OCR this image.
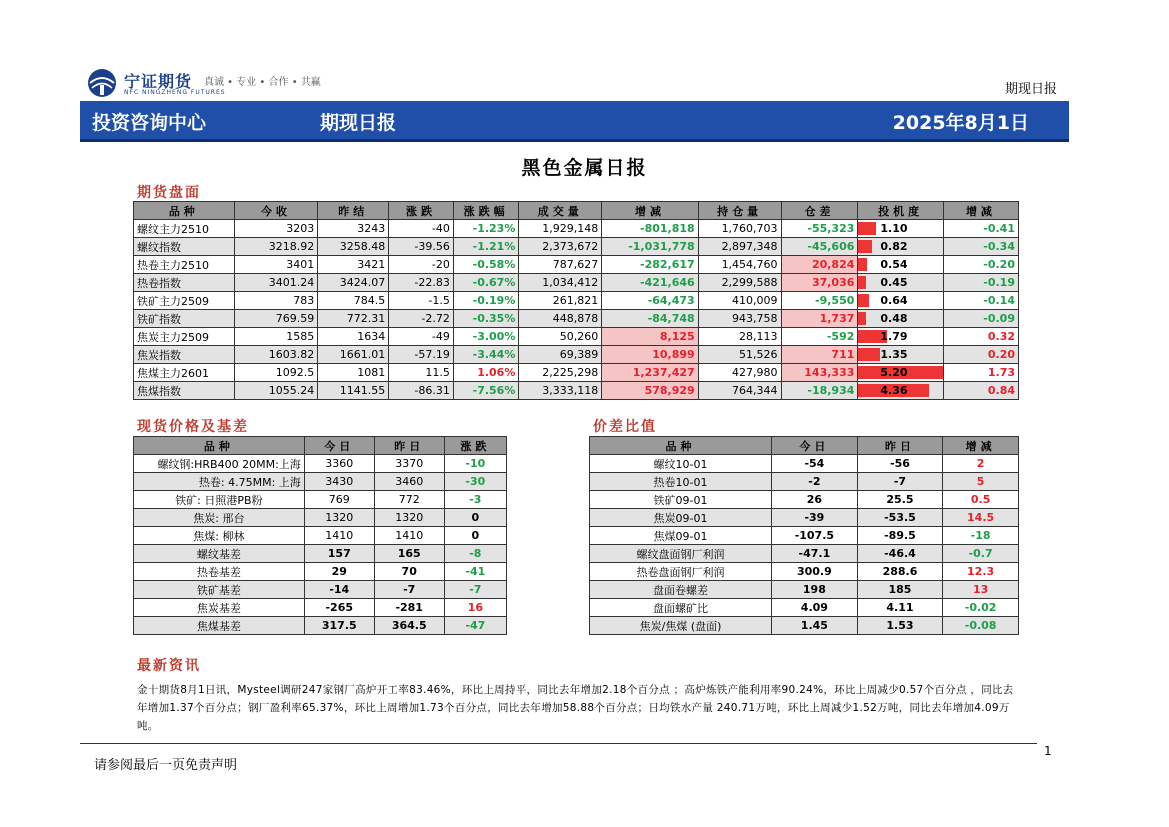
宁证期货 真诚 • 专业 • 合作 • 共赢
NFC NINGZHENG FUTURES	期现日报
投资咨询中心	期现日报	2025年8月1日
黑色金属日报
期货盘面
品种	今收	昨结	涨跌	涨跌幅	成交量	增减	持仓量	仓差	投机度	增减
螺纹主力2510	3203	3243	-40	-1.23%	1,929,148	-801,818	1,760,703	-55,323	1.10	-0.41
螺纹指数	3218.92	3258.48	-39.56	-1.21%	2,373,672	-1,031,778	2,897,348	-45,606	0.82	-0.34
热卷主力2510	3401	3421	-20	-0.58%	787,627	-282,617	1,454,760	20,824	0.54	-0.20
热卷指数	3401.24	3424.07	-22.83	-0.67%	1,034,412	-421,646	2,299,588	37,036	0.45	-0.19
铁矿主力2509	783	784.5	-1.5	-0.19%	261,821	-64,473	410,009	-9,550	0.64	-0.14
铁矿指数	769.59	772.31	-2.72	-0.35%	448,878	-84,748	943,758	1,737	0.48	-0.09
焦炭主力2509	1585	1634	-49	-3.00%	50,260	8,125	28,113	-592	1.79	0.32
焦炭指数	1603.82	1661.01	-57.19	-3.44%	69,389	10,899	51,526	711	1.35	0.20
焦煤主力2601	1092.5	1081	11.5	1.06%	2,225,298	1,237,427	427,980	143,333	5.20	1.73
焦煤指数	1055.24	1141.55	-86.31	-7.56%	3,333,118	578,929	764,344	-18,934	4.36	0.84
现货价格及基差
品种	今日	昨日	涨跌
螺纹钢:HRB400 20MM:上海	3360	3370	-10
热卷: 4.75MM: 上海	3430	3460	-30
铁矿: 日照港PB粉	769	772	-3
焦炭: 邢台	1320	1320	0
焦煤: 柳林	1410	1410	0
螺纹基差	157	165	-8
热卷基差	29	70	-41
铁矿基差	-14	-7	-7
焦炭基差	-265	-281	16
焦煤基差	317.5	364.5	-47
价差比值
品种	今日	昨日	增减
螺纹10-01	-54	-56	2
热卷10-01	-2	-7	5
铁矿09-01	26	25.5	0.5
焦炭09-01	-39	-53.5	14.5
焦煤09-01	-107.5	-89.5	-18
螺纹盘面钢厂利润	-47.1	-46.4	-0.7
热卷盘面钢厂利润	300.9	288.6	12.3
盘面卷螺差	198	185	13
盘面螺矿比	4.09	4.11	-0.02
焦炭/焦煤 (盘面)	1.45	1.53	-0.08
最新资讯
金十期货8月1日讯，Mysteel调研247家钢厂高炉开工率83.46%，环比上周持平，同比去年增加2.18个百分点 ；高炉炼铁产能利用率90.24%，环比上周减少0.57个百分点 ，同比去年增加1.37个百分点；钢厂盈利率65.37%，环比上周增加1.73个百分点，同比去年增加58.88个百分点；日均铁水产量 240.71万吨，环比上周减少1.52万吨，同比去年增加4.09万吨。
1
请参阅最后一页免责声明
